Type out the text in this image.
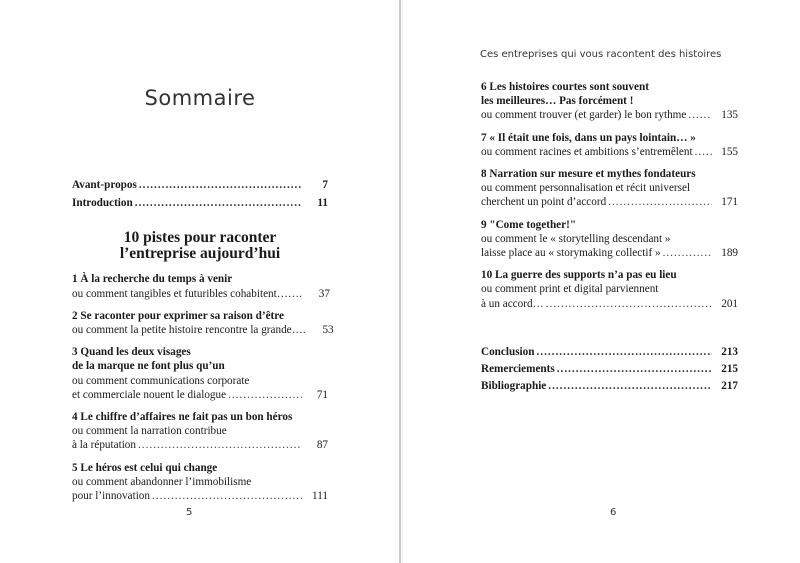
Sommaire
Ces entreprises qui vous racontent des histoires
Avant-propos .....	7
Introduction .....	11
10 pistes pour raconter
l’entreprise aujourd’hui
1 À la recherche du temps à venir
ou comment tangibles et futuribles cohabitent…….	37
2 Se raconter pour exprimer sa raison d’être
ou comment la petite histoire rencontre la grande….	53
3 Quand les deux visages
de la marque ne font plus qu’un
ou comment communications corporate
et commerciale nouent le dialogue .....	71
4 Le chiffre d’affaires ne fait pas un bon héros
ou comment la narration contribue
à la réputation .....	87
5 Le héros est celui qui change
ou comment abandonner l’immobilisme
pour l’innovation .....	111
6 Les histoires courtes sont souvent
les meilleures… Pas forcément !
ou comment trouver (et garder) le bon rythme .....	135
7 « Il était une fois, dans un pays lointain… »
ou comment racines et ambitions s’entremêlent .....	155
8 Narration sur mesure et mythes fondateurs
ou comment personnalisation et récit universel
cherchent un point d’accord .....	171
9 "Come together!"
ou comment le « storytelling descendant »
laisse place au « storymaking collectif » .....	189
10 La guerre des supports n’a pas eu lieu
ou comment print et digital parviennent
à un accord… .....	201
Conclusion .....	213
Remerciements .....	215
Bibliographie .....	217
5	6
